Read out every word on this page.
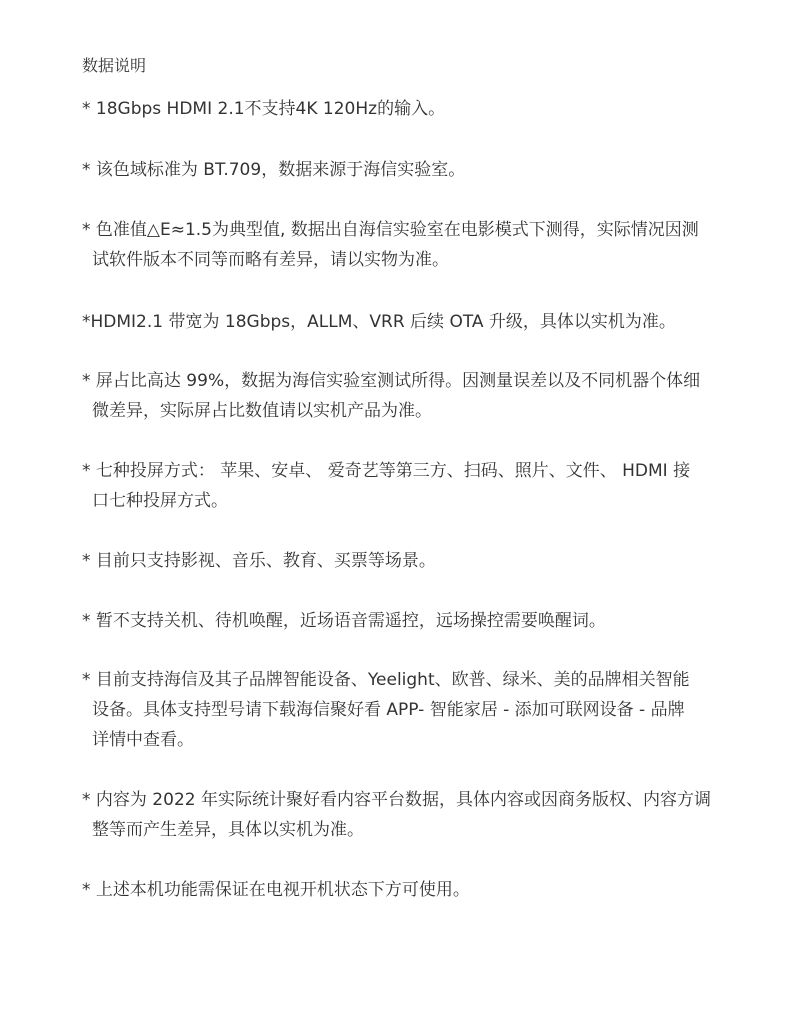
数据说明
* 18Gbps HDMI 2.1不支持4K 120Hz的输入。
* 该色域标准为 BT.709，数据来源于海信实验室。
* 色准值△E≈1.5为典型值, 数据出自海信实验室在电影模式下测得，实际情况因测
试软件版本不同等而略有差异，请以实物为准。
*HDMI2.1 带宽为 18Gbps，ALLM、VRR 后续 OTA 升级，具体以实机为准。
* 屏占比高达 99%，数据为海信实验室测试所得。因测量误差以及不同机器个体细
微差异，实际屏占比数值请以实机产品为准。
* 七种投屏方式： 苹果、安卓、 爱奇艺等第三方、扫码、照片、文件、 HDMI 接
口七种投屏方式。
* 目前只支持影视、音乐、教育、买票等场景。
* 暂不支持关机、待机唤醒，近场语音需遥控，远场操控需要唤醒词。
* 目前支持海信及其子品牌智能设备、Yeelight、欧普、绿米、美的品牌相关智能
设备。具体支持型号请下载海信聚好看 APP- 智能家居 - 添加可联网设备 - 品牌
详情中查看。
* 内容为 2022 年实际统计聚好看内容平台数据，具体内容或因商务版权、内容方调
整等而产生差异，具体以实机为准。
* 上述本机功能需保证在电视开机状态下方可使用。
